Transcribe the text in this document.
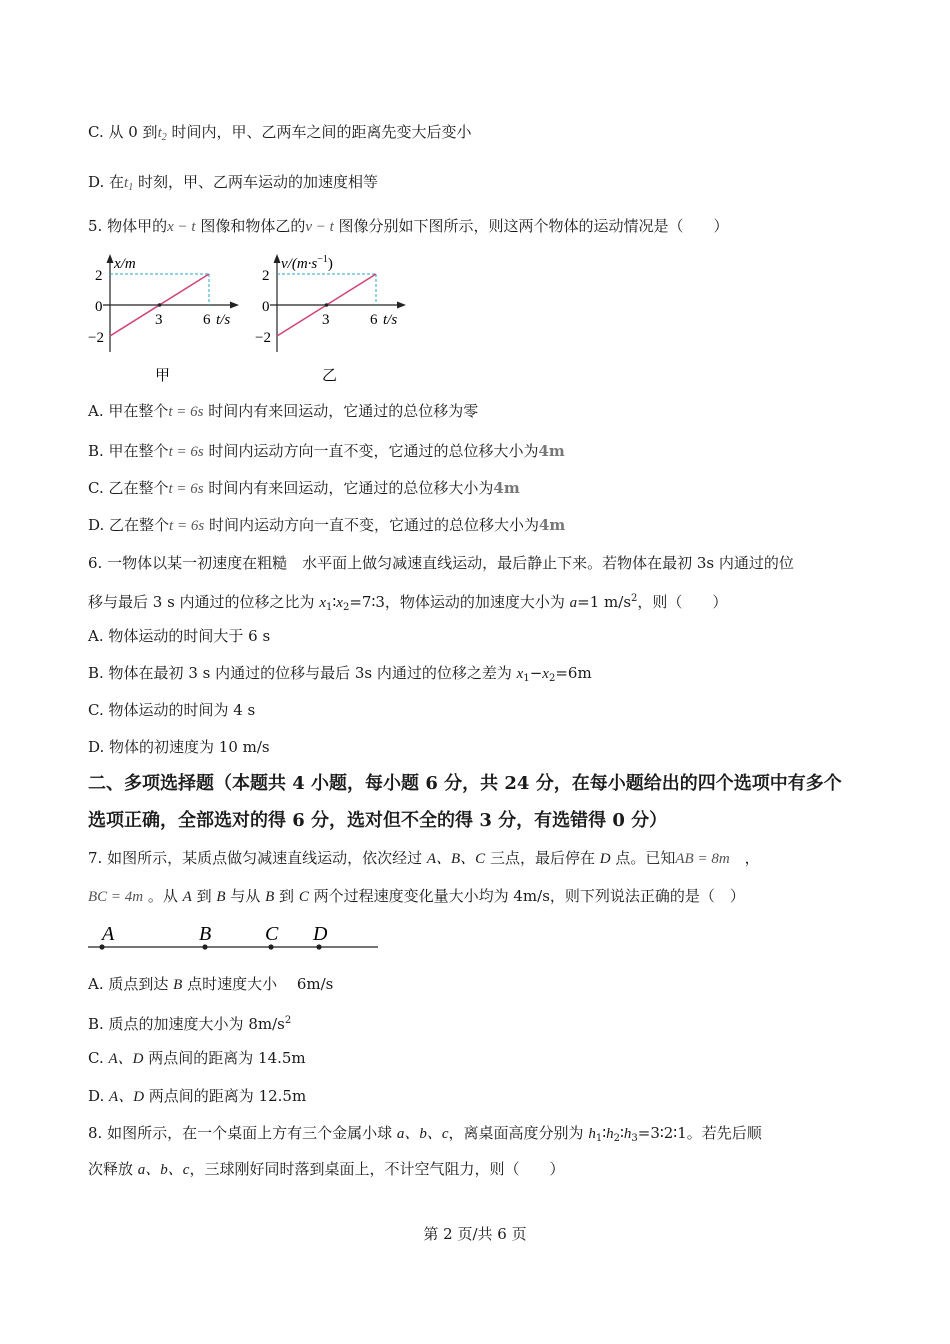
C. 从 0 到$t_2$ 时间内，甲、乙两车之间的距离先变大后变小
D. 在$t_1$ 时刻，甲、乙两车运动的加速度相等
5. 物体甲的x − t 图像和物体乙的v − t 图像分别如下图所示，则这两个物体的运动情况是（　　）
x/m
2
0
−2
3	6 t/s
甲
$v/(m\cdot s^{-1})$
2
0
−2
3	6 t/s
乙
A. 甲在整个t = 6s 时间内有来回运动，它通过的总位移为零
B. 甲在整个t = 6s 时间内运动方向一直不变，它通过的总位移大小为4m
C. 乙在整个t = 6s 时间内有来回运动，它通过的总位移大小为4m
D. 乙在整个t = 6s 时间内运动方向一直不变，它通过的总位移大小为4m
6. 一物体以某一初速度在粗糙　水平面上做匀减速直线运动，最后静止下来。若物体在最初 3s 内通过的位
移与最后 3 s 内通过的位移之比为 $x_1∶x_2=7∶3$，物体运动的加速度大小为 a=1 $m/s^2$，则（　　）
A. 物体运动的时间大于 6 s
B. 物体在最初 3 s 内通过的位移与最后 3s 内通过的位移之差为 $x_1-x_2=6m$
C. 物体运动的时间为 4 s
D. 物体的初速度为 10 m/s
二、多项选择题（本题共 4 小题，每小题 6 分，共 24 分，在每小题给出的四个选项中有多个
选项正确，全部选对的得 6 分，选对但不全的得 3 分，有选错得 0 分）
7. 如图所示，某质点做匀减速直线运动，依次经过 A、B、C 三点，最后停在 D 点。已知AB = 8m　，
BC = 4m 。从 A 到 B 与从 B 到 C 两个过程速度变化量大小均为 4m/s，则下列说法正确的是（　）
A	B	C D
A. 质点到达 B 点时速度大小　 6m/s
B. 质点的加速度大小为 $8m/s^2$
C. A、D 两点间的距离为 14.5m
D. A、D 两点间的距离为 12.5m
8. 如图所示，在一个桌面上方有三个金属小球 a、b、c，离桌面高度分别为 $h_1∶h_2∶h_3=3∶2∶1$。若先后顺
次释放 a、b、c，三球刚好同时落到桌面上，不计空气阻力，则（　　）
第 2 页/共 6 页
